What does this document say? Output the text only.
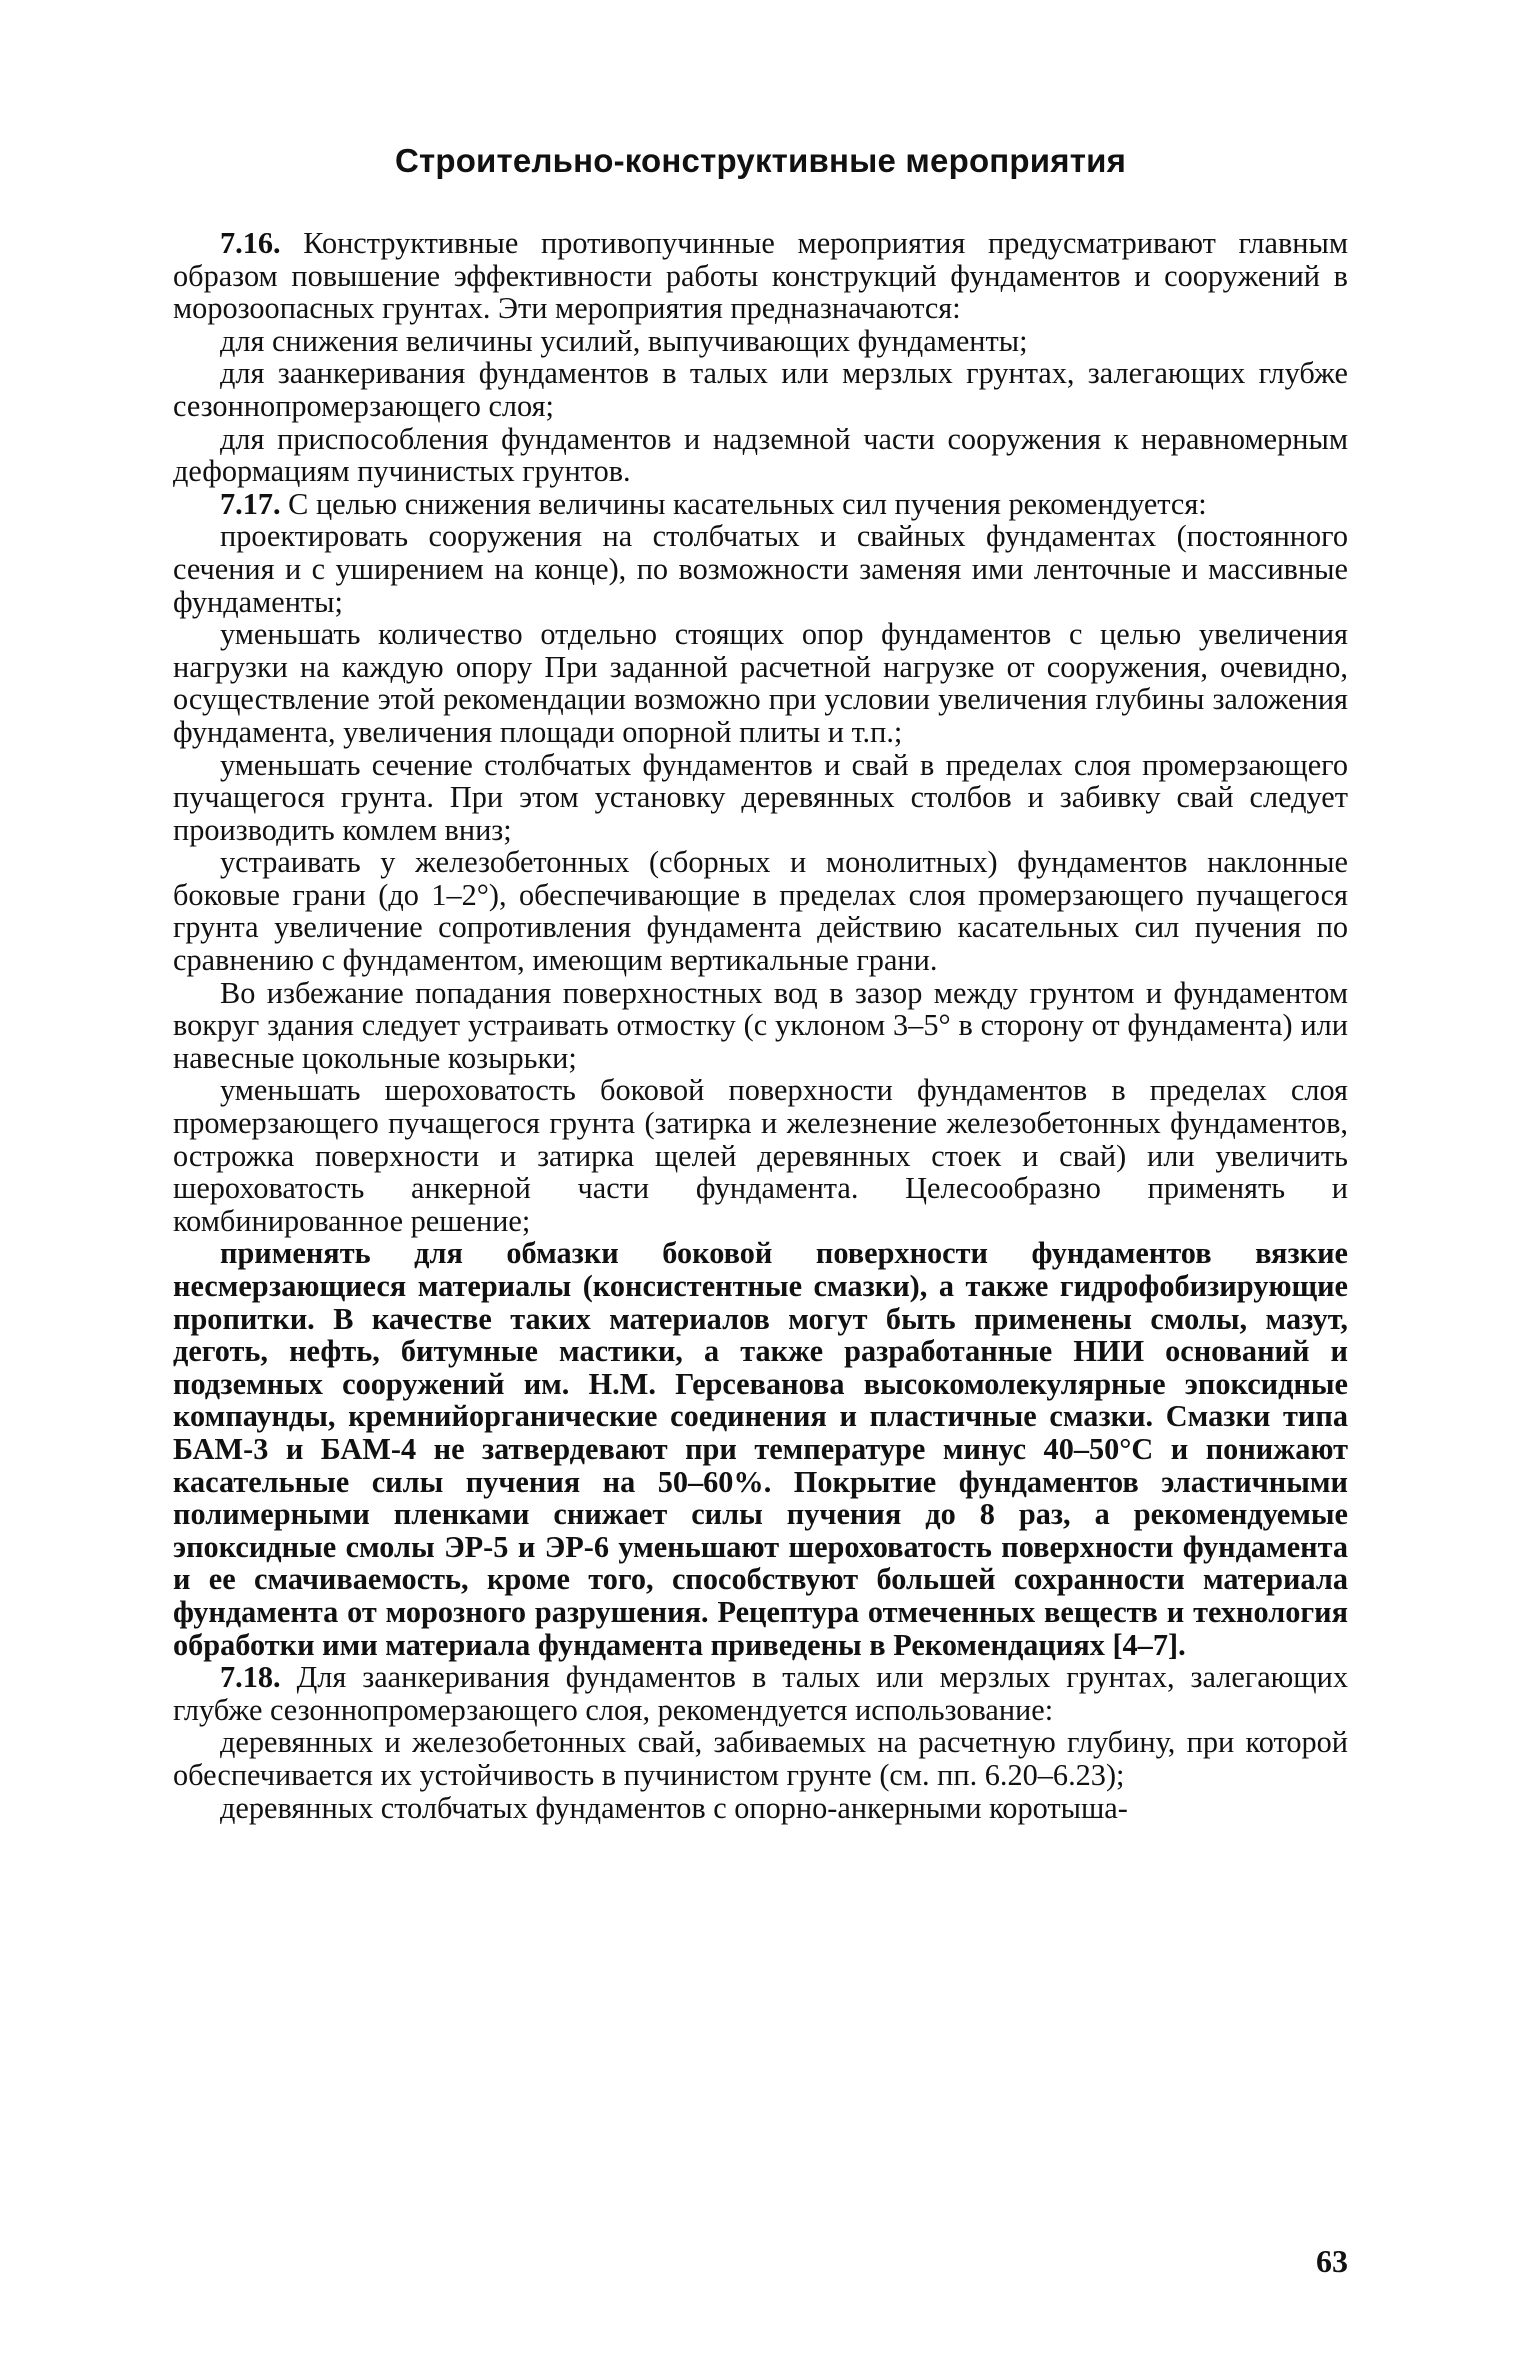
Строительно-конструктивные мероприятия

7.16. Конструктивные противопучинные мероприятия предусматривают главным образом повышение эффективности работы конструкций фундаментов и сооружений в морозоопасных грунтах. Эти мероприятия предназначаются:

для снижения величины усилий, выпучивающих фундаменты;

для заанкеривания фундаментов в талых или мерзлых грунтах, залегающих глубже сезоннопромерзающего слоя;

для приспособления фундаментов и надземной части сооружения к неравномерным деформациям пучинистых грунтов.

7.17. С целью снижения величины касательных сил пучения рекомендуется:

проектировать сооружения на столбчатых и свайных фундаментах (постоянного сечения и с уширением на конце), по возможности заменяя ими ленточные и массивные фундаменты;

уменьшать количество отдельно стоящих опор фундаментов с целью увеличения нагрузки на каждую опору При заданной расчетной нагрузке от сооружения, очевидно, осуществление этой рекомендации возможно при условии увеличения глубины заложения фундамента, увеличения площади опорной плиты и т.п.;

уменьшать сечение столбчатых фундаментов и свай в пределах слоя промерзающего пучащегося грунта. При этом установку деревянных столбов и забивку свай следует производить комлем вниз;

устраивать у железобетонных (сборных и монолитных) фундаментов наклонные боковые грани (до 1–2°), обеспечивающие в пределах слоя промерзающего пучащегося грунта увеличение сопротивления фундамента действию касательных сил пучения по сравнению с фундаментом, имеющим вертикальные грани.

Во избежание попадания поверхностных вод в зазор между грунтом и фундаментом вокруг здания следует устраивать отмостку (с уклоном 3–5° в сторону от фундамента) или навесные цокольные козырьки;

уменьшать шероховатость боковой поверхности фундаментов в пределах слоя промерзающего пучащегося грунта (затирка и железнение железобетонных фундаментов, острожка поверхности и затирка щелей деревянных стоек и свай) или увеличить шероховатость анкерной части фундамента. Целесообразно применять и комбинированное решение;

применять для обмазки боковой поверхности фундаментов вязкие несмерзающиеся материалы (консистентные смазки), а также гидрофобизирующие пропитки. В качестве таких материалов могут быть применены смолы, мазут, деготь, нефть, битумные мастики, а также разработанные НИИ оснований и подземных сооружений им. Н.М. Герсеванова высокомолекулярные эпоксидные компаунды, кремнийорганические соединения и пластичные смазки. Смазки типа БАМ-3 и БАМ-4 не затвердевают при температуре минус 40–50°С и понижают касательные силы пучения на 50–60%. Покрытие фундаментов эластичными полимерными пленками снижает силы пучения до 8 раз, а рекомендуемые эпоксидные смолы ЭР-5 и ЭР-6 уменьшают шероховатость поверхности фундамента и ее смачиваемость, кроме того, способствуют большей сохранности материала фундамента от морозного разрушения. Рецептура отмеченных веществ и технология обработки ими материала фундамента приведены в Рекомендациях [4–7].

7.18. Для заанкеривания фундаментов в талых или мерзлых грунтах, залегающих глубже сезоннопромерзающего слоя, рекомендуется использование:

деревянных и железобетонных свай, забиваемых на расчетную глубину, при которой обеспечивается их устойчивость в пучинистом грунте (см. пп. 6.20–6.23);

деревянных столбчатых фундаментов с опорно-анкерными коротыша-

63
